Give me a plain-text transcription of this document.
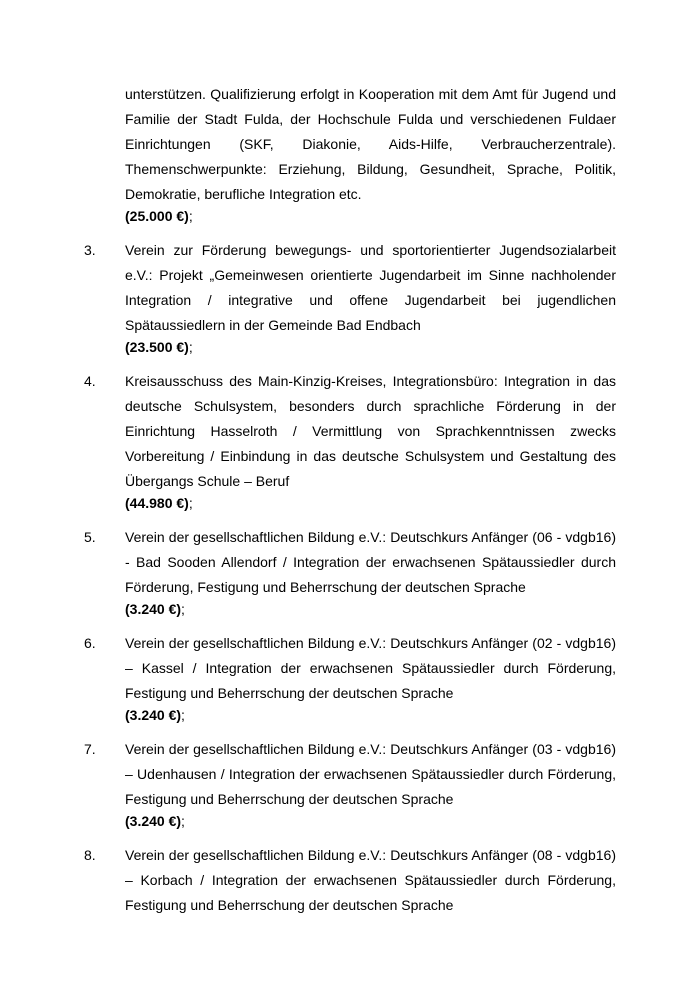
unterstützen. Qualifizierung erfolgt in Kooperation mit dem Amt für Jugend und
Familie der Stadt Fulda, der Hochschule Fulda und verschiedenen Fuldaer
Einrichtungen (SKF, Diakonie, Aids-Hilfe, Verbraucherzentrale).
Themenschwerpunkte: Erziehung, Bildung, Gesundheit, Sprache, Politik,
Demokratie, berufliche Integration etc.
(25.000 €);
3. Verein zur Förderung bewegungs- und sportorientierter Jugendsozialarbeit
e.V.: Projekt „Gemeinwesen orientierte Jugendarbeit im Sinne nachholender
Integration / integrative und offene Jugendarbeit bei jugendlichen
Spätaussiedlern in der Gemeinde Bad Endbach
(23.500 €);
4. Kreisausschuss des Main-Kinzig-Kreises, Integrationsbüro: Integration in das
deutsche Schulsystem, besonders durch sprachliche Förderung in der
Einrichtung Hasselroth / Vermittlung von Sprachkenntnissen zwecks
Vorbereitung / Einbindung in das deutsche Schulsystem und Gestaltung des
Übergangs Schule – Beruf
(44.980 €);
5. Verein der gesellschaftlichen Bildung e.V.: Deutschkurs Anfänger (06 - vdgb16)
- Bad Sooden Allendorf / Integration der erwachsenen Spätaussiedler durch
Förderung, Festigung und Beherrschung der deutschen Sprache
(3.240 €);
6. Verein der gesellschaftlichen Bildung e.V.: Deutschkurs Anfänger (02 - vdgb16)
– Kassel / Integration der erwachsenen Spätaussiedler durch Förderung,
Festigung und Beherrschung der deutschen Sprache
(3.240 €);
7. Verein der gesellschaftlichen Bildung e.V.: Deutschkurs Anfänger (03 - vdgb16)
– Udenhausen / Integration der erwachsenen Spätaussiedler durch Förderung,
Festigung und Beherrschung der deutschen Sprache
(3.240 €);
8. Verein der gesellschaftlichen Bildung e.V.: Deutschkurs Anfänger (08 - vdgb16)
– Korbach / Integration der erwachsenen Spätaussiedler durch Förderung,
Festigung und Beherrschung der deutschen Sprache
